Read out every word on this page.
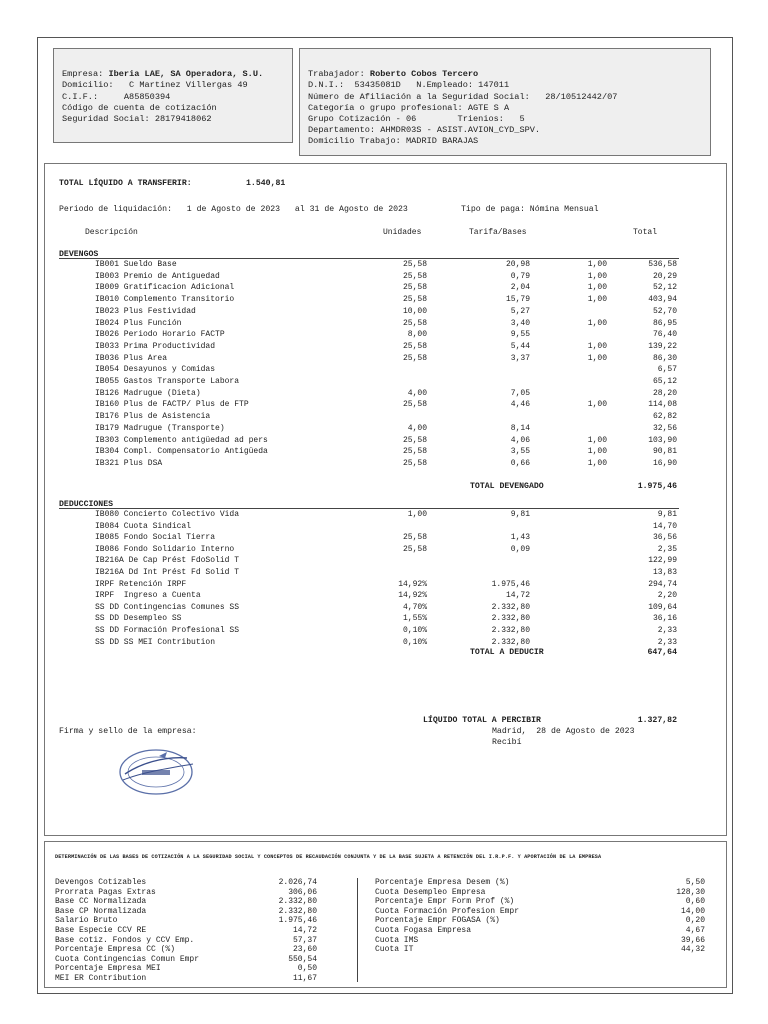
Empresa: Iberia LAE, SA Operadora, S.U.
Domicilio:   C Martinez Villergas 49
C.I.F.:     A85850394
Código de cuenta de cotización
Seguridad Social: 28179418062

Trabajador: Roberto Cobos Tercero
D.N.I.:  53435081D   N.Empleado: 147011
Número de Afiliación a la Seguridad Social:   28/10512442/07
Categoría o grupo profesional: AGTE S A
Grupo Cotización - 06        Trienios:   5
Departamento: AHMDR03S - ASIST.AVION_CYD_SPV.
Domicilio Trabajo: MADRID BARAJAS
TOTAL LÍQUIDO A TRANSFERIR:	1.540,81
Periodo de liquidación:   1 de Agosto de 2023   al 31 de Agosto de 2023	Tipo de paga: Nómina Mensual
Descripción	Unidades	Tarifa/Bases	Total
DEVENGOS
IB001 Sueldo Base	25,58	20,98	1,00	536,58
IB003 Premio de Antiguedad	25,58	0,79	1,00	20,29
IB009 Gratificacion Adicional	25,58	2,04	1,00	52,12
IB010 Complemento Transitorio	25,58	15,79	1,00	403,94
IB023 Plus Festividad	10,00	5,27	52,70
IB024 Plus Función	25,58	3,40	1,00	86,95
IB026 Periodo Horario FACTP	8,00	9,55	76,40
IB033 Prima Productividad	25,58	5,44	1,00	139,22
IB036 Plus Area	25,58	3,37	1,00	86,30
IB054 Desayunos y Comidas	6,57
IB055 Gastos Transporte Labora	65,12
IB126 Madrugue (Dieta)	4,00	7,05	28,20
IB160 Plus de FACTP/ Plus de FTP	25,58	4,46	1,00	114,08
IB176 Plus de Asistencia	62,82
IB179 Madrugue (Transporte)	4,00	8,14	32,56
IB303 Complemento antigüedad ad pers	25,58	4,06	1,00	103,90
IB304 Compl. Compensatorio Antigüeda	25,58	3,55	1,00	90,81
IB321 Plus DSA	25,58	0,66	1,00	16,90
TOTAL DEVENGADO	1.975,46
DEDUCCIONES
IB080 Concierto Colectivo Vida	1,00	9,81	9,81
IB084 Cuota Sindical	14,70
IB085 Fondo Social Tierra	25,58	1,43	36,56
IB086 Fondo Solidario Interno	25,58	0,09	2,35
IB216A De Cap Prést FdoSolid T	122,99
IB216A Dd Int Prést Fd Solid T	13,83
IRPF Retención IRPF	14,92%	1.975,46	294,74
IRPF  Ingreso a Cuenta	14,92%	14,72	2,20
SS DD Contingencias Comunes SS	4,70%	2.332,80	109,64
SS DD Desempleo SS	1,55%	2.332,80	36,16
SS DD Formación Profesional SS	0,10%	2.332,80	2,33
SS DD SS MEI Contribution	0,10%	2.332,80	2,33
TOTAL A DEDUCIR	647,64
LÍQUIDO TOTAL A PERCIBIR	1.327,82
Firma y sello de la empresa:	Madrid,  28 de Agosto de 2023
Recibí
DETERMINACIÓN DE LAS BASES DE COTIZACIÓN A LA SEGURIDAD SOCIAL Y CONCEPTOS DE RECAUDACIÓN CONJUNTA Y DE LA BASE SUJETA A RETENCIÓN DEL I.R.P.F. Y APORTACIÓN DE LA EMPRESA
Devengos Cotizables	2.026,74
Prorrata Pagas Extras	306,06
Base CC Normalizada	2.332,80
Base CP Normalizada	2.332,80
Salario Bruto	1.975,46
Base Especie CCV RE	14,72
Base cotiz. Fondos y CCV Emp.	57,37
Porcentaje Empresa CC (%)	23,60
Cuota Contingencias Comun Empr	550,54
Porcentaje Empresa MEI	0,50
MEI ER Contribution	11,67
Porcentaje Empresa Desem (%)	5,50
Cuota Desempleo Empresa	128,30
Porcentaje Empr Form Prof (%)	0,60
Cuota Formación Profesion Empr	14,00
Porcentaje Empr FOGASA (%)	0,20
Cuota Fogasa Empresa	4,67
Cuota IMS	39,66
Cuota IT	44,32
